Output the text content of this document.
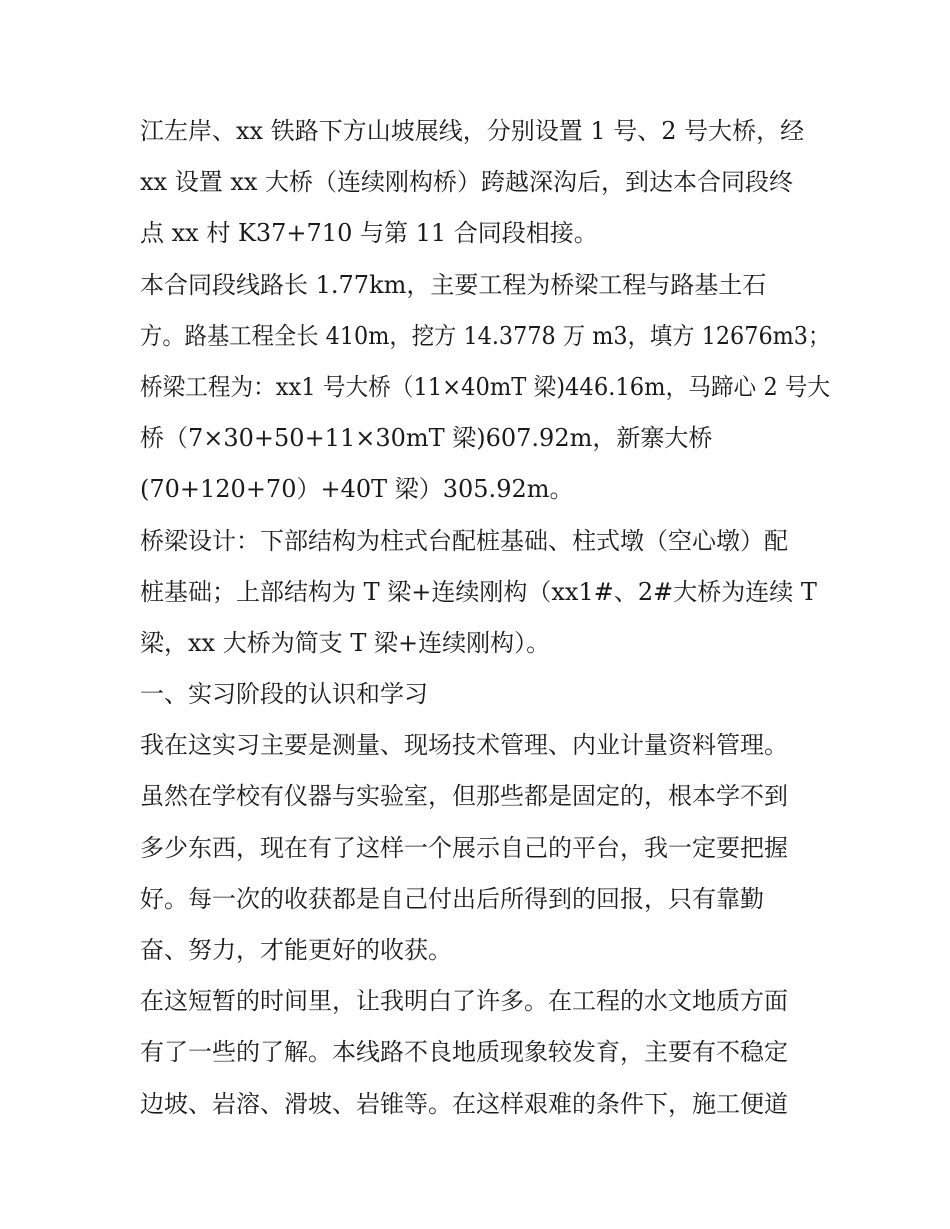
江左岸、xx 铁路下方山坡展线，分别设置 1 号、2 号大桥，经
xx 设置 xx 大桥（连续刚构桥）跨越深沟后，到达本合同段终
点 xx 村 K37+710 与第 11 合同段相接。
本合同段线路长 1.77km，主要工程为桥梁工程与路基土石
方。路基工程全长 410m，挖方 14.3778 万 m3，填方 12676m3；
桥梁工程为：xx1 号大桥（11×40mT 梁)446.16m，马蹄心 2 号大
桥（7×30+50+11×30mT 梁)607.92m，新寨大桥
(70+120+70）+40T 梁）305.92m。
桥梁设计：下部结构为柱式台配桩基础、柱式墩（空心墩）配
桩基础；上部结构为 T 梁+连续刚构（xx1#、2#大桥为连续 T
梁，xx 大桥为简支 T 梁+连续刚构）。
一、实习阶段的认识和学习
我在这实习主要是测量、现场技术管理、内业计量资料管理。
虽然在学校有仪器与实验室，但那些都是固定的，根本学不到
多少东西，现在有了这样一个展示自己的平台，我一定要把握
好。每一次的收获都是自己付出后所得到的回报，只有靠勤
奋、努力，才能更好的收获。
在这短暂的时间里，让我明白了许多。在工程的水文地质方面
有了一些的了解。本线路不良地质现象较发育，主要有不稳定
边坡、岩溶、滑坡、岩锥等。在这样艰难的条件下，施工便道
